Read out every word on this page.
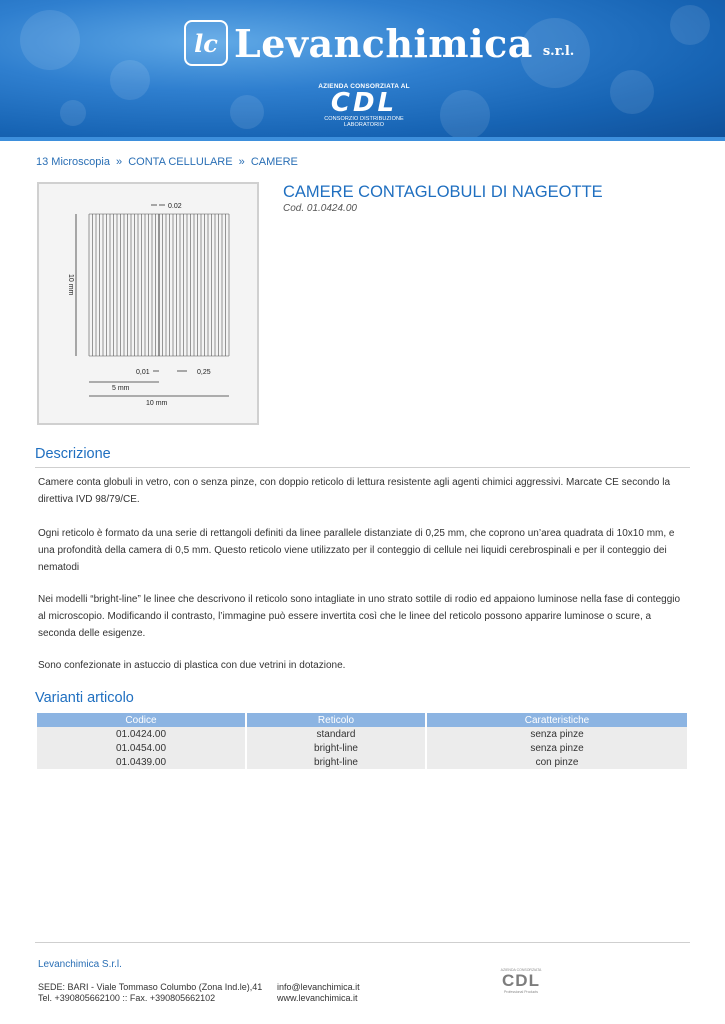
lc Levanchimica s.r.l.
AZIENDA CONSORZIATA AL
CDL
CONSORZIO DISTRIBUZIONE LABORATORIO
13 Microscopia » CONTA CELLULARE » CAMERE
0.02
10 mm
0,01	0,25
5 mm
10 mm
CAMERE CONTAGLOBULI DI NAGEOTTE
Cod. 01.0424.00
Descrizione
Camere conta globuli in vetro, con o senza pinze, con doppio reticolo di lettura resistente agli agenti chimici aggressivi. Marcate CE secondo la direttiva IVD 98/79/CE.
Ogni reticolo è formato da una serie di rettangoli definiti da linee parallele distanziate di 0,25 mm, che coprono un’area quadrata di 10x10 mm, e una profondità della camera di 0,5 mm. Questo reticolo viene utilizzato per il conteggio di cellule nei liquidi cerebrospinali e per il conteggio dei nematodi
Nei modelli “bright-line” le linee che descrivono il reticolo sono intagliate in uno strato sottile di rodio ed appaiono luminose nella fase di conteggio al microscopio. Modificando il contrasto, l’immagine può essere invertita così che le linee del reticolo possono apparire luminose o scure, a seconda delle esigenze.
Sono confezionate in astuccio di plastica con due vetrini in dotazione.
Varianti articolo
Codice	Reticolo	Caratteristiche
01.0424.00	standard	senza pinze
01.0454.00	bright-line	senza pinze
01.0439.00	bright-line	con pinze
Levanchimica S.r.l.
SEDE: BARI - Viale Tommaso Columbo (Zona Ind.le),41
Tel. +390805662100 :: Fax. +390805662102
info@levanchimica.it
www.levanchimica.it
AZIENDA CONSORZIATA
CDL
Professional Products
